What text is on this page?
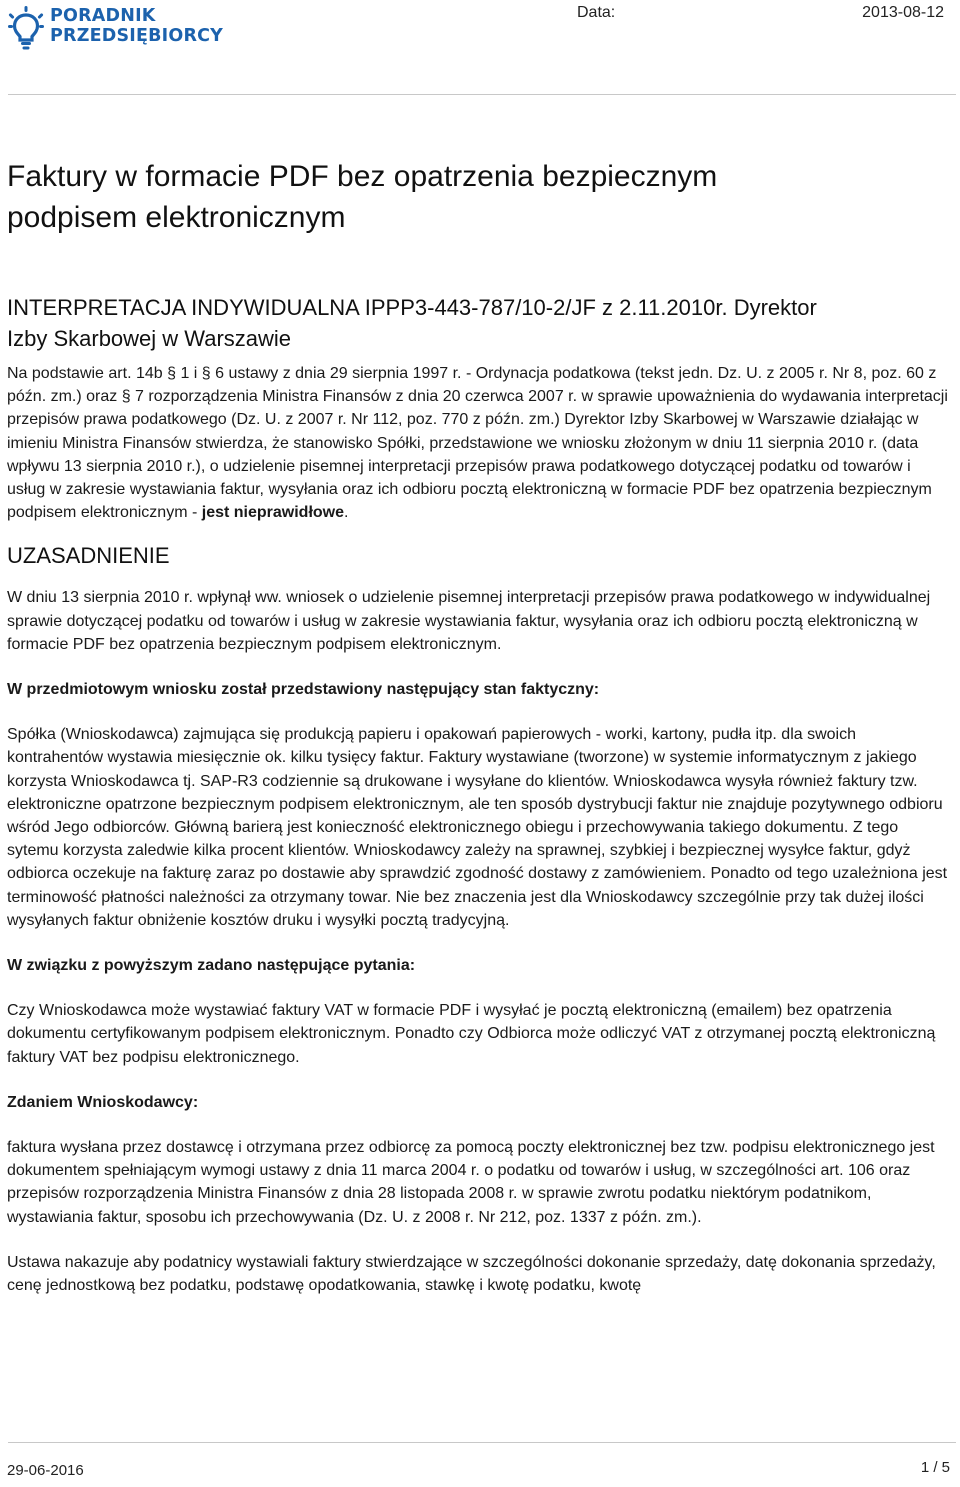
PORADNIK
PRZEDSIĘBIORCY
Data:	2013-08-12
Faktury w formacie PDF bez opatrzenia bezpiecznym
podpisem elektronicznym
INTERPRETACJA INDYWIDUALNA IPPP3-443-787/10-2/JF z 2.11.2010r. Dyrektor
Izby Skarbowej w Warszawie

Na podstawie art. 14b § 1 i § 6 ustawy z dnia 29 sierpnia 1997 r. - Ordynacja podatkowa (tekst jedn. Dz. U. z 2005 r. Nr 8, poz. 60 z późn. zm.) oraz § 7 rozporządzenia Ministra Finansów z dnia 20 czerwca 2007 r. w sprawie upoważnienia do wydawania interpretacji przepisów prawa podatkowego (Dz. U. z 2007 r. Nr 112, poz. 770 z późn. zm.) Dyrektor Izby Skarbowej w Warszawie działając w imieniu Ministra Finansów stwierdza, że stanowisko Spółki, przedstawione we wniosku złożonym w dniu 11 sierpnia 2010 r. (data wpływu 13 sierpnia 2010 r.), o udzielenie pisemnej interpretacji przepisów prawa podatkowego dotyczącej podatku od towarów i usług w zakresie wystawiania faktur, wysyłania oraz ich odbioru pocztą elektroniczną w formacie PDF bez opatrzenia bezpiecznym podpisem elektronicznym - jest nieprawidłowe.

UZASADNIENIE

W dniu 13 sierpnia 2010 r. wpłynął ww. wniosek o udzielenie pisemnej interpretacji przepisów prawa podatkowego w indywidualnej sprawie dotyczącej podatku od towarów i usług w zakresie wystawiania faktur, wysyłania oraz ich odbioru pocztą elektroniczną w formacie PDF bez opatrzenia bezpiecznym podpisem elektronicznym.

W przedmiotowym wniosku został przedstawiony następujący stan faktyczny:

Spółka (Wnioskodawca) zajmująca się produkcją papieru i opakowań papierowych - worki, kartony, pudła itp. dla swoich kontrahentów wystawia miesięcznie ok. kilku tysięcy faktur. Faktury wystawiane (tworzone) w systemie informatycznym z jakiego korzysta Wnioskodawca tj. SAP-R3 codziennie są drukowane i wysyłane do klientów. Wnioskodawca wysyła również faktury tzw. elektroniczne opatrzone bezpiecznym podpisem elektronicznym, ale ten sposób dystrybucji faktur nie znajduje pozytywnego odbioru wśród Jego odbiorców. Główną barierą jest konieczność elektronicznego obiegu i przechowywania takiego dokumentu. Z tego sytemu korzysta zaledwie kilka procent klientów. Wnioskodawcy zależy na sprawnej, szybkiej i bezpiecznej wysyłce faktur, gdyż odbiorca oczekuje na fakturę zaraz po dostawie aby sprawdzić zgodność dostawy z zamówieniem. Ponadto od tego uzależniona jest terminowość płatności należności za otrzymany towar. Nie bez znaczenia jest dla Wnioskodawcy szczególnie przy tak dużej ilości wysyłanych faktur obniżenie kosztów druku i wysyłki pocztą tradycyjną.

W związku z powyższym zadano następujące pytania:

Czy Wnioskodawca może wystawiać faktury VAT w formacie PDF i wysyłać je pocztą elektroniczną (emailem) bez opatrzenia dokumentu certyfikowanym podpisem elektronicznym. Ponadto czy Odbiorca może odliczyć VAT z otrzymanej pocztą elektroniczną faktury VAT bez podpisu elektronicznego.

Zdaniem Wnioskodawcy:

faktura wysłana przez dostawcę i otrzymana przez odbiorcę za pomocą poczty elektronicznej bez tzw. podpisu elektronicznego jest dokumentem spełniającym wymogi ustawy z dnia 11 marca 2004 r. o podatku od towarów i usług, w szczególności art. 106 oraz przepisów rozporządzenia Ministra Finansów z dnia 28 listopada 2008 r. w sprawie zwrotu podatku niektórym podatnikom, wystawiania faktur, sposobu ich przechowywania (Dz. U. z 2008 r. Nr 212, poz. 1337 z późn. zm.).

Ustawa nakazuje aby podatnicy wystawiali faktury stwierdzające w szczególności dokonanie sprzedaży, datę dokonania sprzedaży, cenę jednostkową bez podatku, podstawę opodatkowania, stawkę i kwotę podatku, kwotę

29-06-2016	1 / 5
